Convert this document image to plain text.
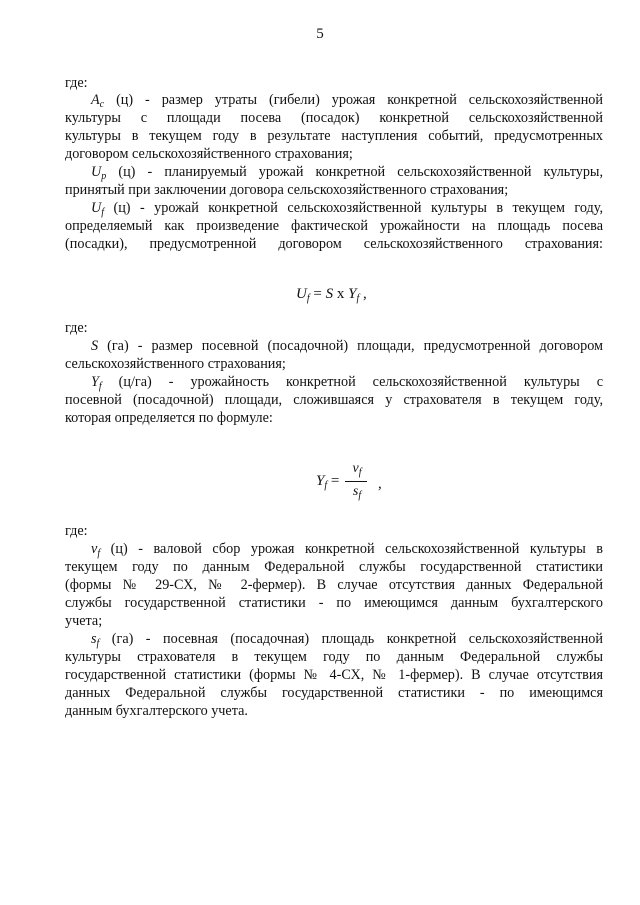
5
где:
$A_c$ (ц) - размер утраты (гибели) урожая конкретной сельскохозяйственной
культуры с площади посева (посадок) конкретной сельскохозяйственной
культуры в текущем году в результате наступления событий, предусмотренных
договором сельскохозяйственного страхования;
$U_p$ (ц) - планируемый урожай конкретной сельскохозяйственной культуры,
принятый при заключении договора сельскохозяйственного страхования;
$U_f$ (ц) - урожай конкретной сельскохозяйственной культуры в текущем году,
определяемый как произведение фактической урожайности на площадь посева
(посадки), предусмотренной договором сельскохозяйственного страхования:
$U_f = S$ x $Y_f$ ,
где:
S (га) - размер посевной (посадочной) площади, предусмотренной договором
сельскохозяйственного страхования;
$Y_f$ (ц/га) - урожайность конкретной сельскохозяйственной культуры с
посевной (посадочной) площади, сложившаяся у страхователя в текущем году,
которая определяется по формуле:
$Y_f$ =
$v_f$
$s_f$
,
где:
$v_f$ (ц) - валовой сбор урожая конкретной сельскохозяйственной культуры в
текущем году по данным Федеральной службы государственной статистики
(формы № 29-СХ, № 2-фермер). В случае отсутствия данных Федеральной
службы государственной статистики - по имеющимся данным бухгалтерского
учета;
$s_f$ (га) - посевная (посадочная) площадь конкретной сельскохозяйственной
культуры страхователя в текущем году по данным Федеральной службы
государственной статистики (формы № 4-СХ, № 1-фермер). В случае отсутствия
данных Федеральной службы государственной статистики - по имеющимся
данным бухгалтерского учета.
